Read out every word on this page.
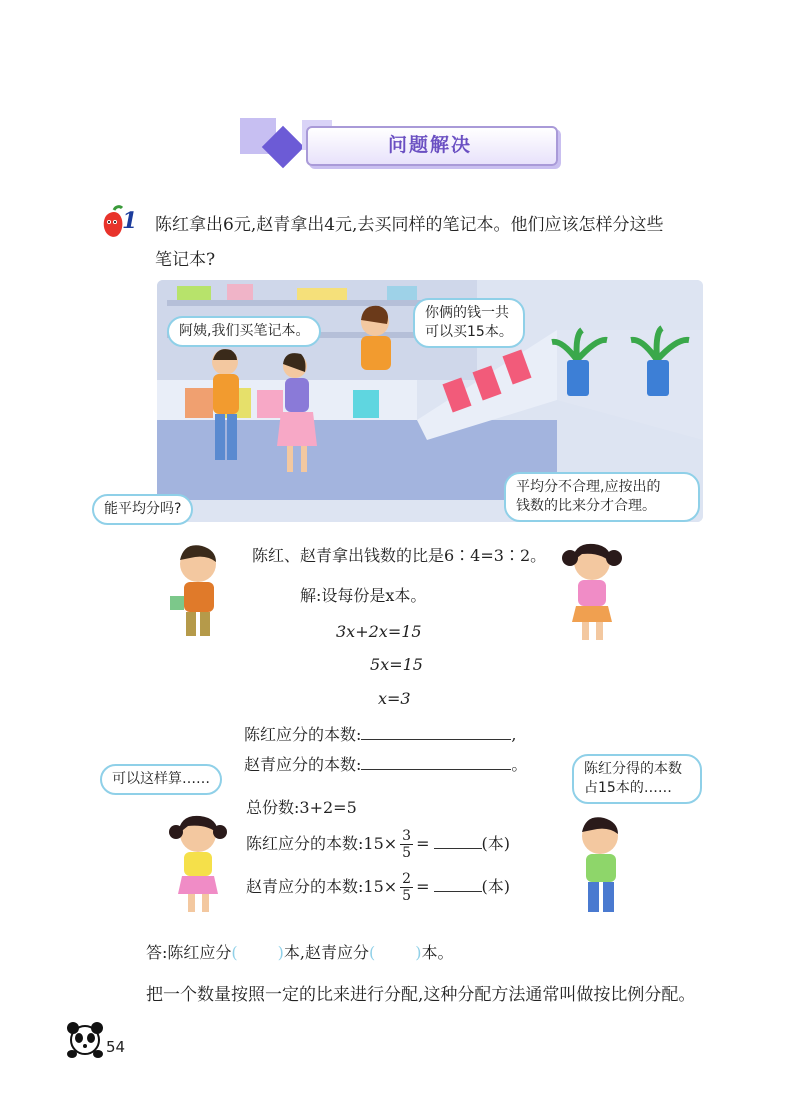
问题解决
1 陈红拿出6元,赵青拿出4元,去买同样的笔记本。他们应该怎样分这些
笔记本?
阿姨,我们买笔记本。
你俩的钱一共
可以买15本。
能平均分吗?
平均分不合理,应按出的
钱数的比来分才合理。
陈红、赵青拿出钱数的比是6∶4=3∶2。
解:设每份是x本。
3x+2x=15
5x=15
x=3
陈红应分的本数:	,
赵青应分的本数:	。
可以这样算……
陈红分得的本数
占15本的……
总份数:3+2=5
陈红应分的本数:15× $\frac{3}{5}$ =	(本)
赵青应分的本数:15× $\frac{2}{5}$ =	(本)
答:陈红应分(	)本,赵青应分(	)本。
把一个数量按照一定的比来进行分配,这种分配方法通常叫做按比例分配。
54
